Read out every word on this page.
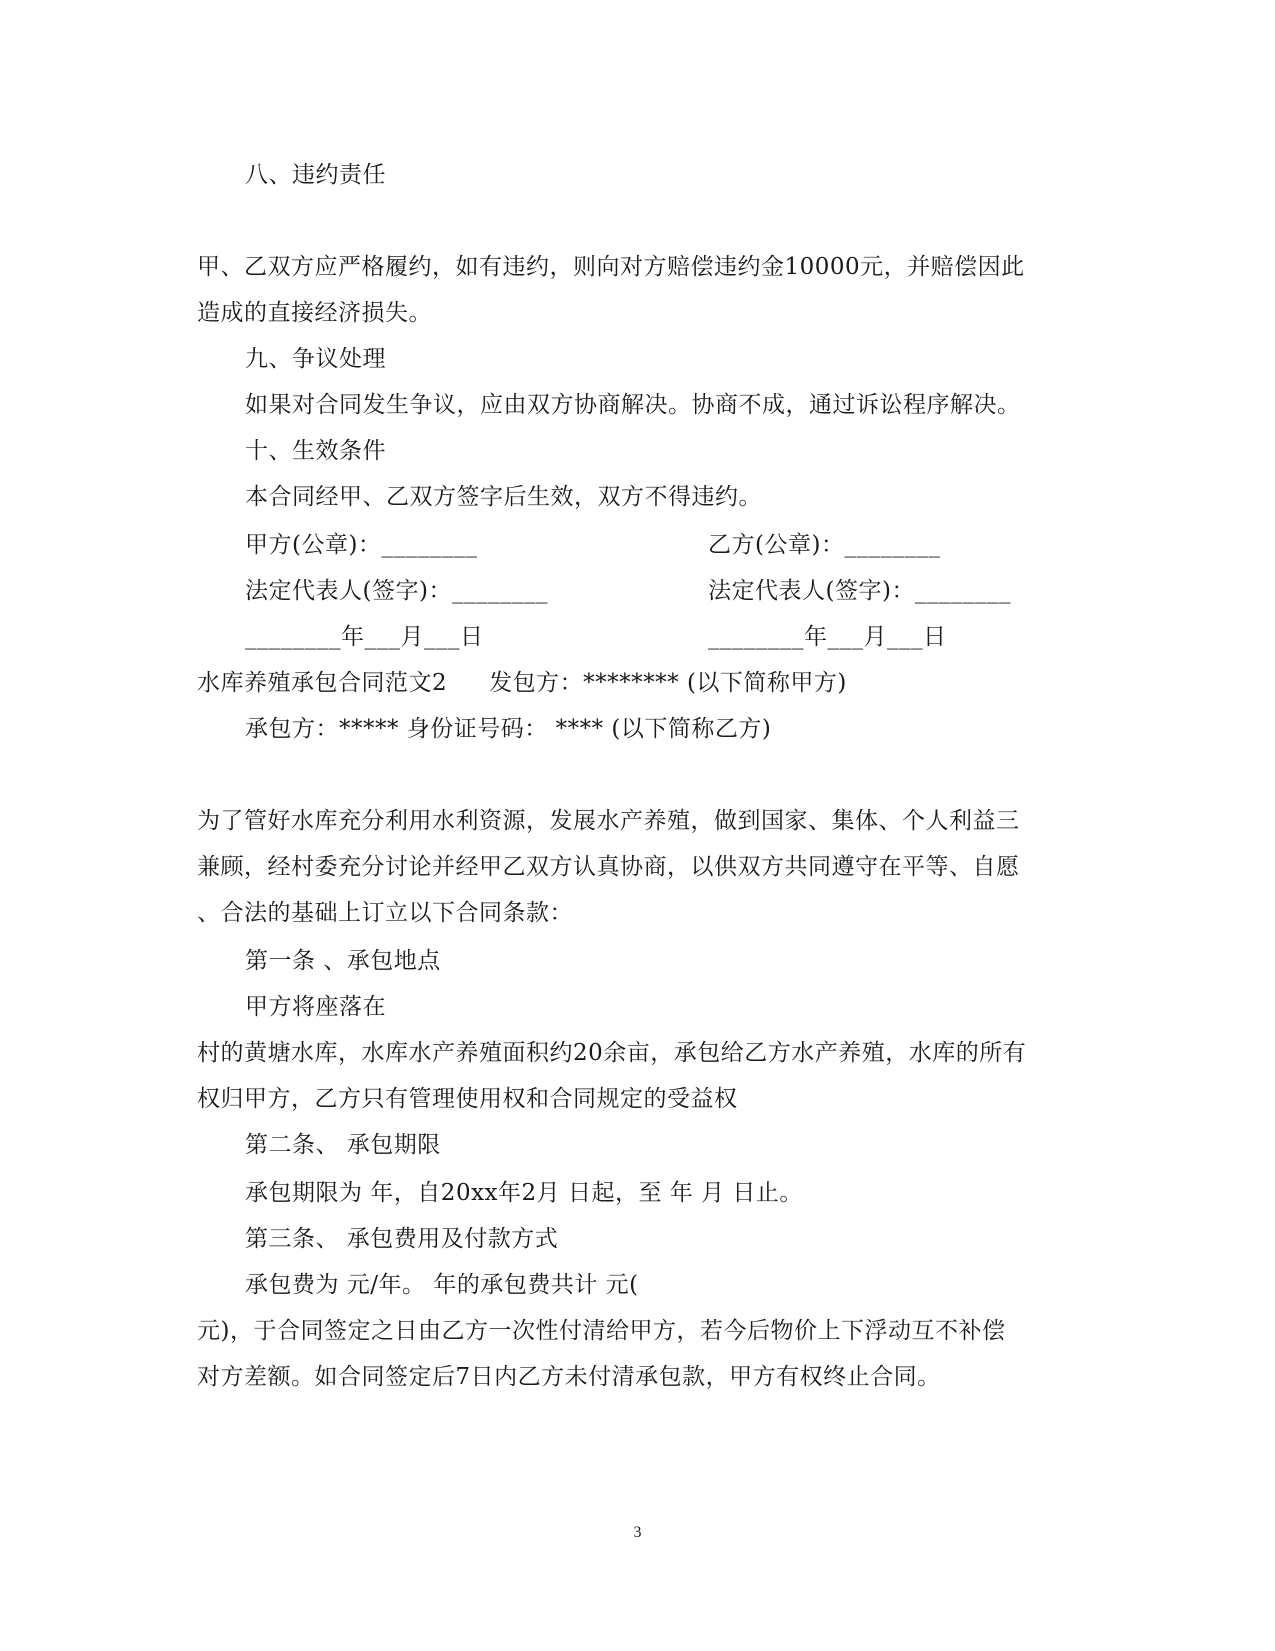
八、违约责任
甲、乙双方应严格履约，如有违约，则向对方赔偿违约金10000元，并赔偿因此
造成的直接经济损失。
九、争议处理
如果对合同发生争议，应由双方协商解决。协商不成，通过诉讼程序解决。
十、生效条件
本合同经甲、乙双方签字后生效，双方不得违约。
甲方(公章)：________	乙方(公章)：________
法定代表人(签字)：________	法定代表人(签字)：________
________年___月___日	________年___月___日
水库养殖承包合同范文2 发包方：******** (以下简称甲方)
承包方：***** 身份证号码： **** (以下简称乙方)
为了管好水库充分利用水利资源，发展水产养殖，做到国家、集体、个人利益三
兼顾，经村委充分讨论并经甲乙双方认真协商，以供双方共同遵守在平等、自愿
、合法的基础上订立以下合同条款：
第一条 、承包地点
甲方将座落在
村的黄塘水库，水库水产养殖面积约20余亩，承包给乙方水产养殖，水库的所有
权归甲方，乙方只有管理使用权和合同规定的受益权
第二条、 承包期限
承包期限为 年，自20xx年2月 日起，至 年 月 日止。
第三条、 承包费用及付款方式
承包费为 元/年。 年的承包费共计 元(
元)，于合同签定之日由乙方一次性付清给甲方，若今后物价上下浮动互不补偿
对方差额。如合同签定后7日内乙方未付清承包款，甲方有权终止合同。
3
